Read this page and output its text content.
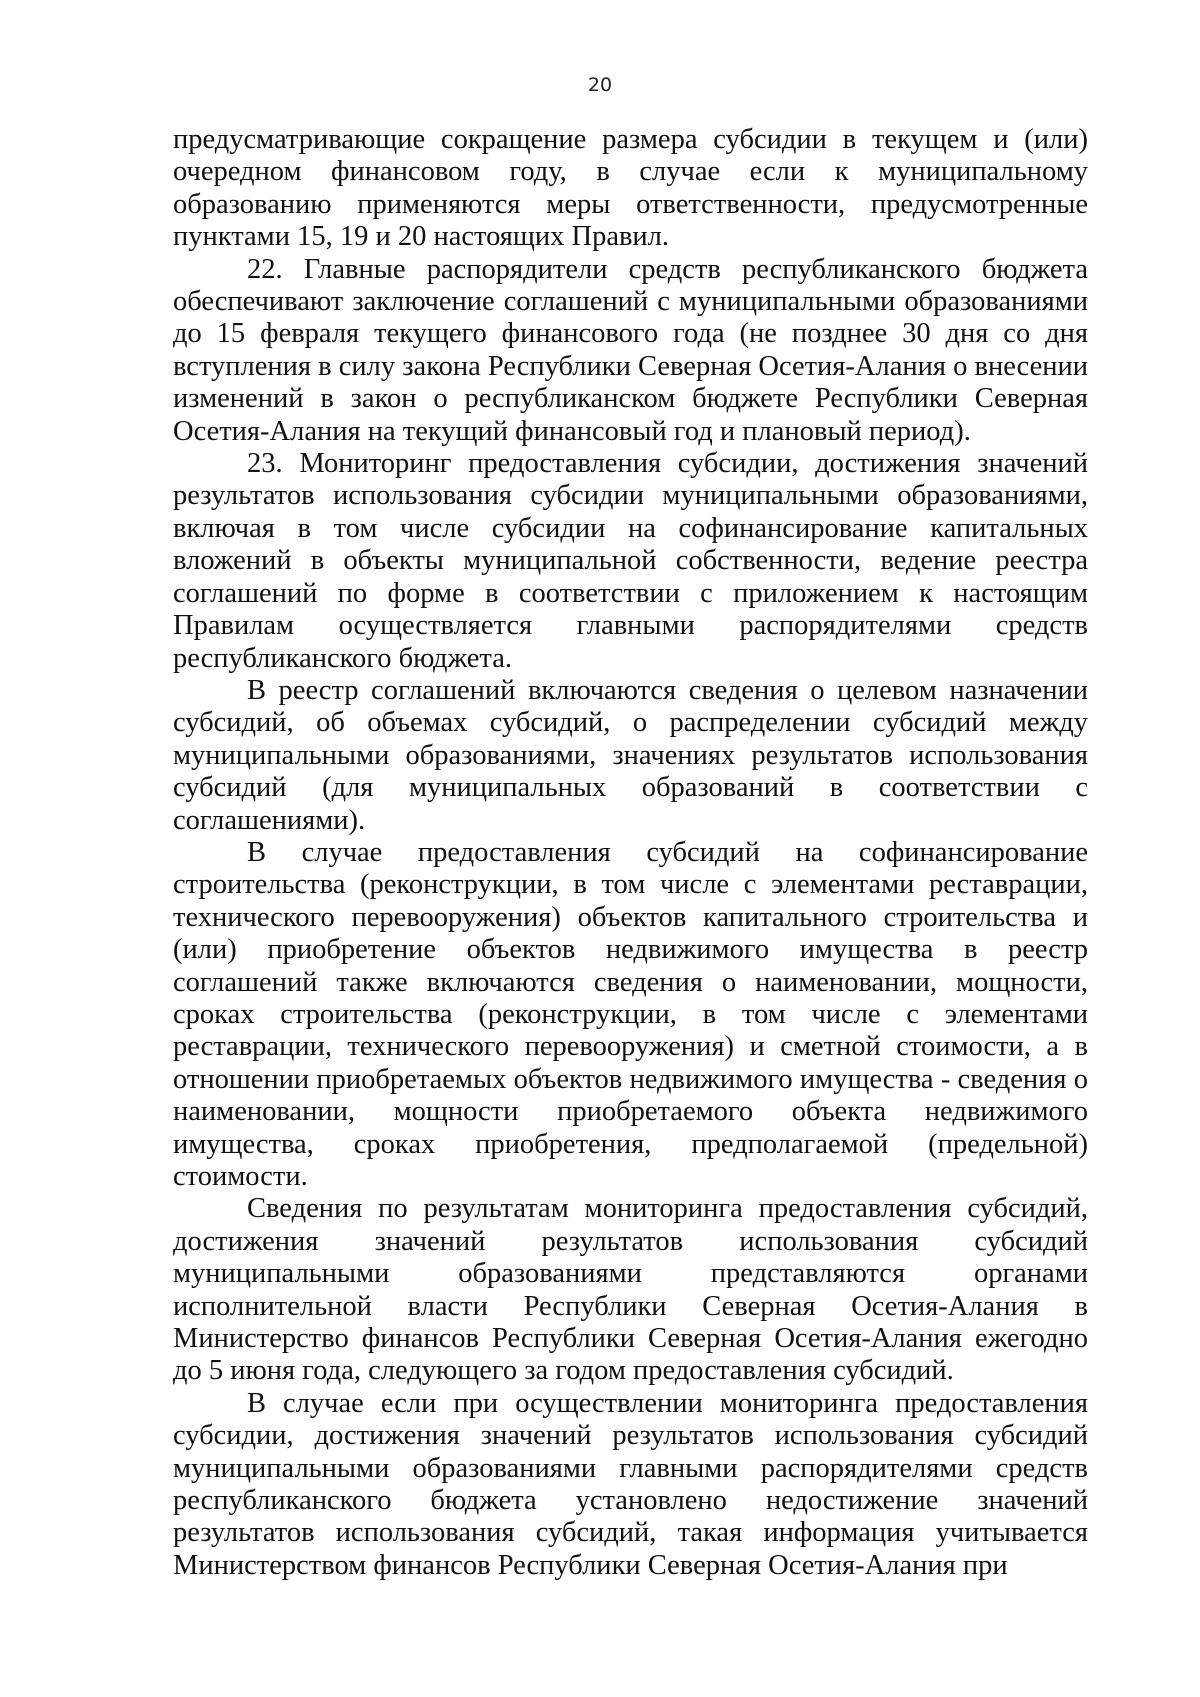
20

предусматривающие сокращение размера субсидии в текущем и (или) очередном финансовом году, в случае если к муниципальному образованию применяются меры ответственности, предусмотренные пунктами 15, 19 и 20 настоящих Правил.

22. Главные распорядители средств республиканского бюджета обеспечивают заключение соглашений с муниципальными образованиями до 15 февраля текущего финансового года (не позднее 30 дня со дня вступления в силу закона Республики Северная Осетия-Алания о внесении изменений в закон о республиканском бюджете Республики Северная Осетия-Алания на текущий финансовый год и плановый период).

23. Мониторинг предоставления субсидии, достижения значений результатов использования субсидии муниципальными образованиями, включая в том числе субсидии на софинансирование капитальных вложений в объекты муниципальной собственности, ведение реестра соглашений по форме в соответствии с приложением к настоящим Правилам осуществляется главными распорядителями средств республиканского бюджета.

В реестр соглашений включаются сведения о целевом назначении субсидий, об объемах субсидий, о распределении субсидий между муниципальными образованиями, значениях результатов использования субсидий (для муниципальных образований в соответствии с соглашениями).

В случае предоставления субсидий на софинансирование строительства (реконструкции, в том числе с элементами реставрации, технического перевооружения) объектов капитального строительства и (или) приобретение объектов недвижимого имущества в реестр соглашений также включаются сведения о наименовании, мощности, сроках строительства (реконструкции, в том числе с элементами реставрации, технического перевооружения) и сметной стоимости, а в отношении приобретаемых объектов недвижимого имущества - сведения о наименовании, мощности приобретаемого объекта недвижимого имущества, сроках приобретения, предполагаемой (предельной) стоимости.

Сведения по результатам мониторинга предоставления субсидий, достижения значений результатов использования субсидий муниципальными образованиями представляются органами исполнительной власти Республики Северная Осетия-Алания в Министерство финансов Республики Северная Осетия-Алания ежегодно до 5 июня года, следующего за годом предоставления субсидий.

В случае если при осуществлении мониторинга предоставления субсидии, достижения значений результатов использования субсидий муниципальными образованиями главными распорядителями средств республиканского бюджета установлено недостижение значений результатов использования субсидий, такая информация учитывается Министерством финансов Республики Северная Осетия-Алания при
